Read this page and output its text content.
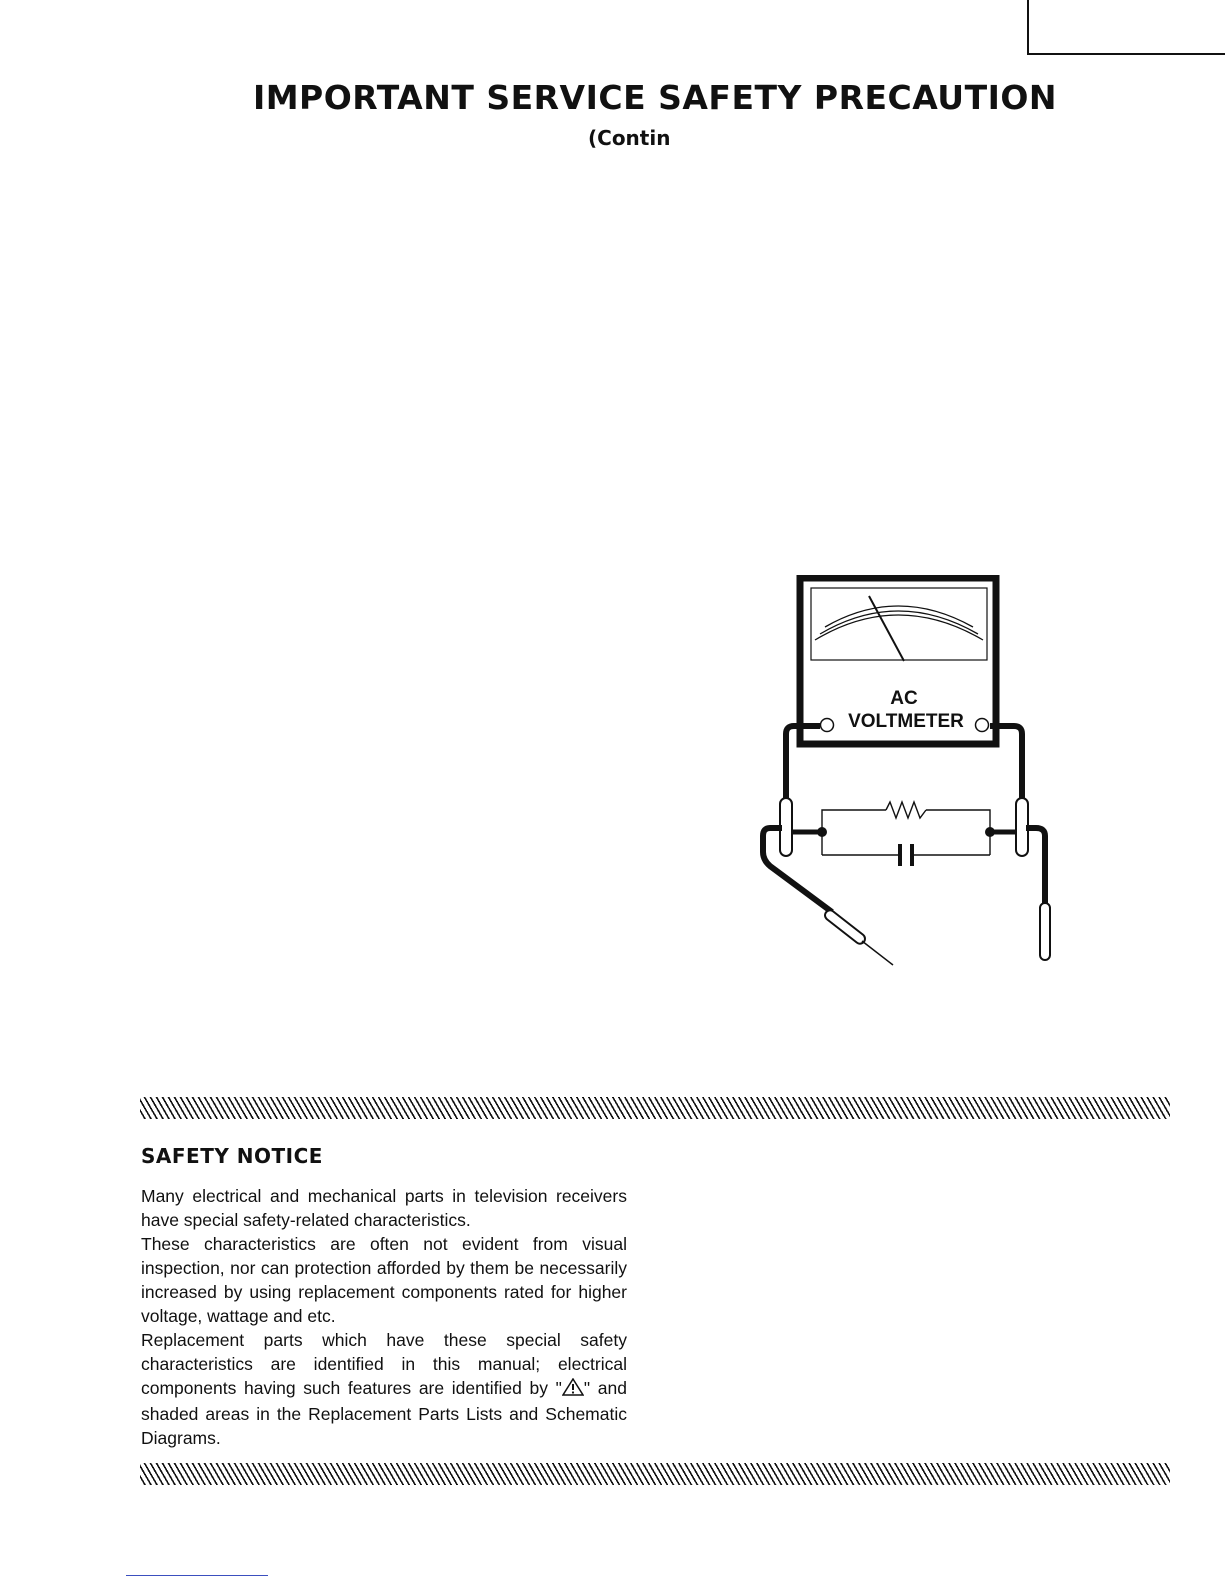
IMPORTANT SERVICE SAFETY PRECAUTION
(Contin
AC
VOLTMETER
SAFETY NOTICE

Many electrical and mechanical parts in television receivers have special safety-related characteristics.

These characteristics are often not evident from visual inspection, nor can protection afforded by them be necessarily increased by using replacement components rated for higher voltage, wattage and etc.

Replacement parts which have these special safety characteristics are identified in this manual; electrical components having such features are identified by " " and shaded areas in the Replacement Parts Lists and Schematic Diagrams.
